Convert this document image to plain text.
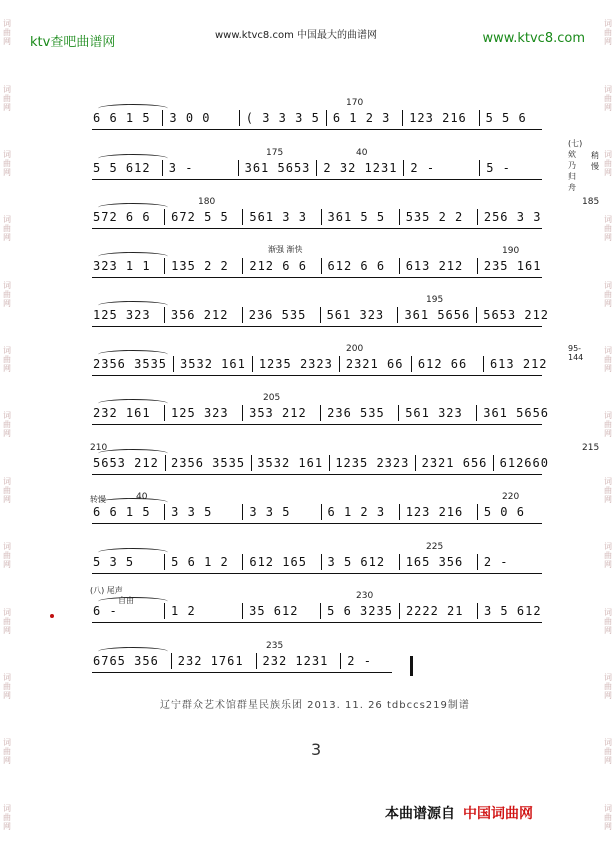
词曲网
词曲网
词曲网
词曲网
词曲网
词曲网
词曲网
词曲网
词曲网
词曲网
词曲网
词曲网
词曲网
词曲网
词曲网
词曲网
词曲网
词曲网
词曲网
词曲网
词曲网
词曲网
词曲网
词曲网
词曲网
词曲网
ktv查吧曲谱网	www.ktvc8.com 中国最大的曲谱网	www.ktvc8.com
6 6 1 5	3 0 0	( 3 3 3 5	6 1 2 3	123 216	5 5 6
170
5 5 612	3 -	361 5653	2 32 1231	2 -	5 -
175	40
(七) 欸乃归舟
稍慢
572 6 6	672 5 5	561 3 3	361 5 5	535 2 2	256 3 3
180	185
323 1 1	135 2 2	212 6 6	612 6 6	613 212	235 161
190
渐强 渐快
125 323	356 212	236 535	561 323	361 5656	5653 212
195
2356 3535	3532 161	1235 2323	2321 66	612 66	613 212
200	95-144
232 161	125 323	353 212	236 535	561 323	361 5656
205
5653 212	2356 3535	3532 161	1235 2323	2321 656	612660
210	215
6 6 1 5	3 3 5	3 3 5	6 1 2 3	123 216	5 0 6
40	220
转慢
5 3 5	5 6 1 2	612 165	3 5 612	165 356	2 -
225
6 -	1 2	35 612	5 6 3235	2222 21	3 5 612
230
(八) 尾声
自由
6765 356	232 1761	232 1231	2 -
235
辽宁群众艺术馆群星民族乐团 2013. 11. 26 tdbccs219制谱
3
本曲谱源自 中国词曲网
